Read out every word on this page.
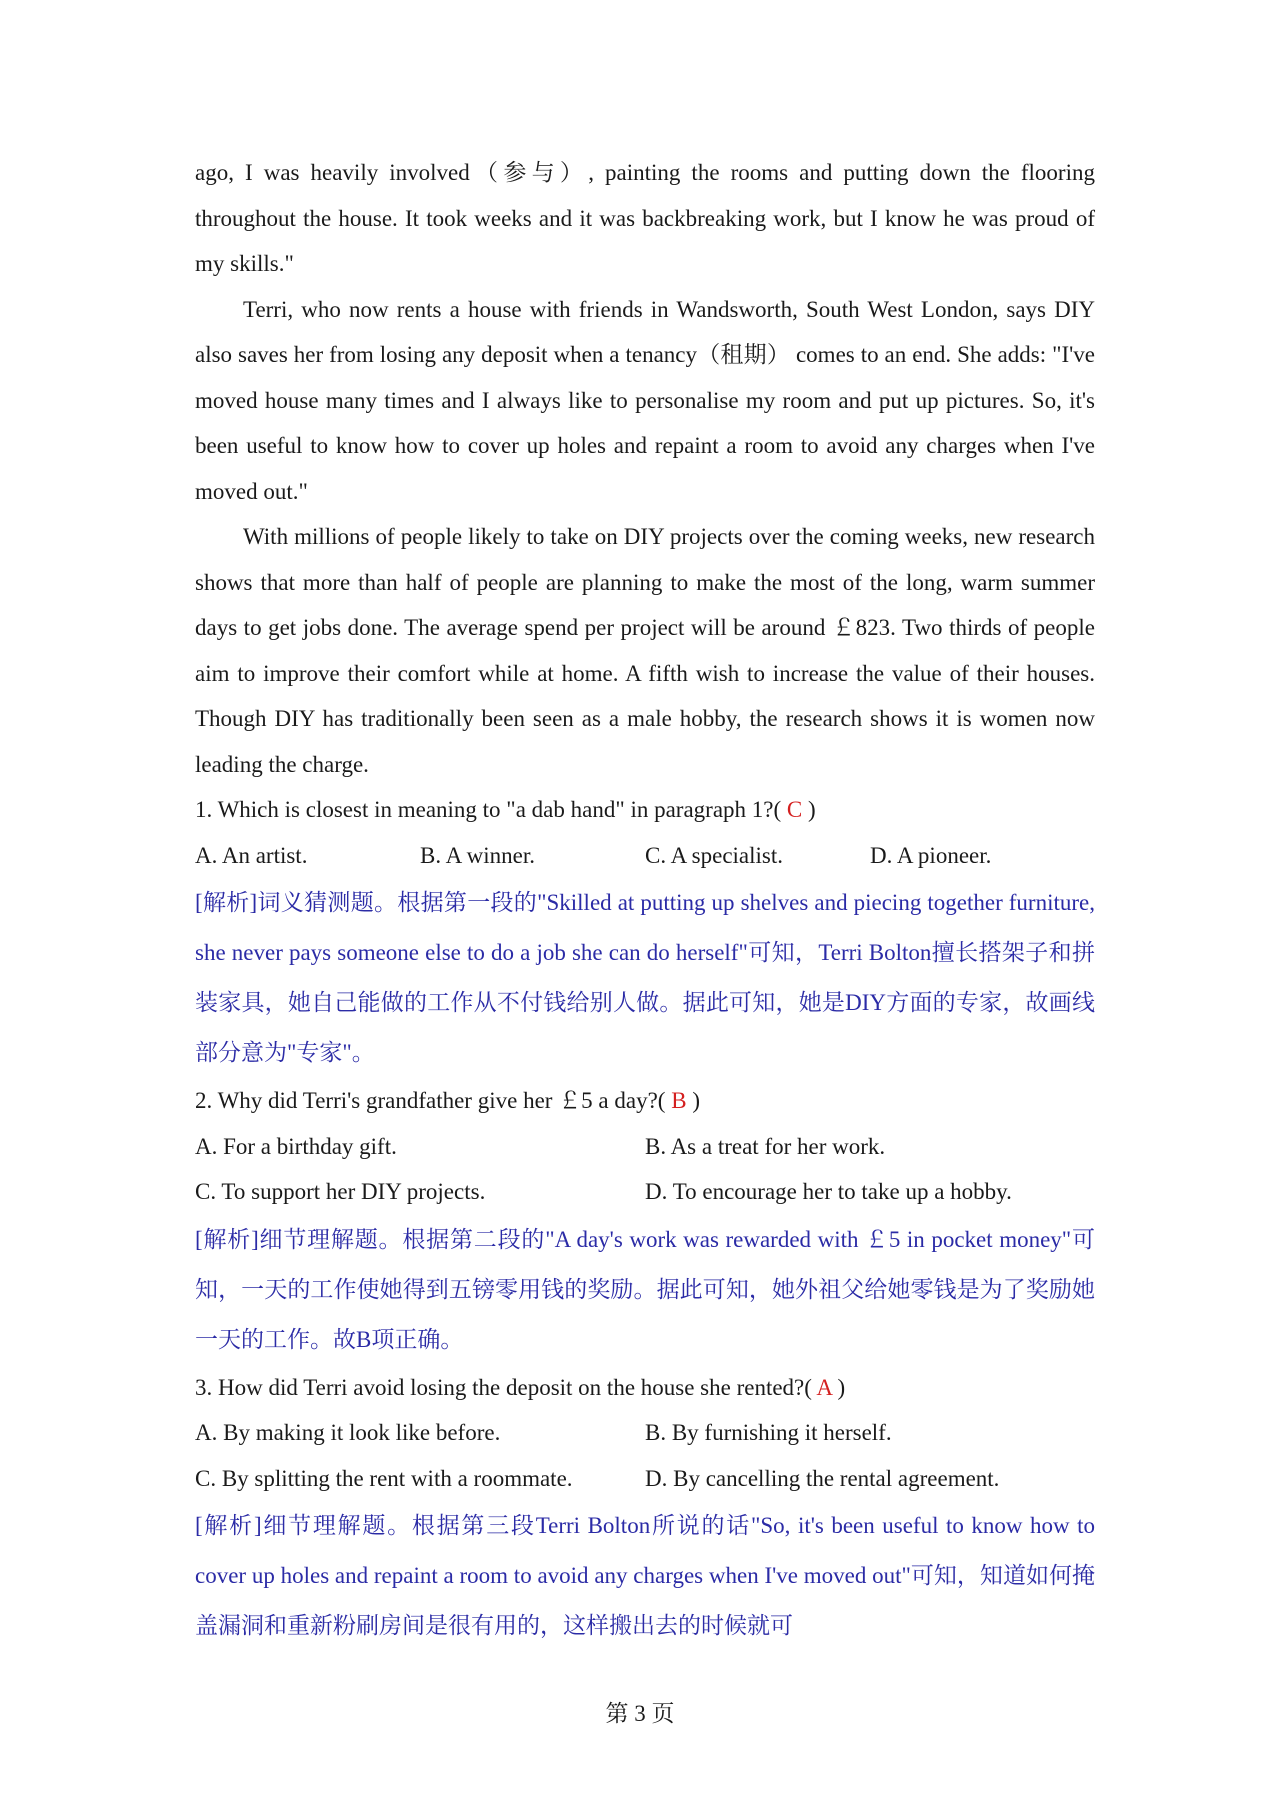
ago, I was heavily involved（参与）, painting the rooms and putting down the flooring throughout the house. It took weeks and it was backbreaking work, but I know he was proud of my skills."

Terri, who now rents a house with friends in Wandsworth, South West London, says DIY also saves her from losing any deposit when a tenancy（租期） comes to an end. She adds: "I've moved house many times and I always like to personalise my room and put up pictures. So, it's been useful to know how to cover up holes and repaint a room to avoid any charges when I've moved out."

With millions of people likely to take on DIY projects over the coming weeks, new research shows that more than half of people are planning to make the most of the long, warm summer days to get jobs done. The average spend per project will be around ￡823. Two thirds of people aim to improve their comfort while at home. A fifth wish to increase the value of their houses. Though DIY has traditionally been seen as a male hobby, the research shows it is women now leading the charge.

1. Which is closest in meaning to "a dab hand" in paragraph 1?( C )

A. An artist.	B. A winner.	C. A specialist.	D. A pioneer.

[解析]词义猜测题。根据第一段的"Skilled at putting up shelves and piecing together furniture, she never pays someone else to do a job she can do herself"可知，Terri Bolton擅长搭架子和拼装家具，她自己能做的工作从不付钱给别人做。据此可知，她是DIY方面的专家，故画线部分意为"专家"。

2. Why did Terri's grandfather give her ￡5 a day?( B )

A. For a birthday gift.	B. As a treat for her work.
C. To support her DIY projects.	D. To encourage her to take up a hobby.

[解析]细节理解题。根据第二段的"A day's work was rewarded with ￡5 in pocket money"可知，一天的工作使她得到五镑零用钱的奖励。据此可知，她外祖父给她零钱是为了奖励她一天的工作。故B项正确。

3. How did Terri avoid losing the deposit on the house she rented?( A )

A. By making it look like before.	B. By furnishing it herself.
C. By splitting the rent with a roommate.	D. By cancelling the rental agreement.

[解析]细节理解题。根据第三段Terri Bolton所说的话"So, it's been useful to know how to cover up holes and repaint a room to avoid any charges when I've moved out"可知，知道如何掩盖漏洞和重新粉刷房间是很有用的，这样搬出去的时候就可

第 3 页
